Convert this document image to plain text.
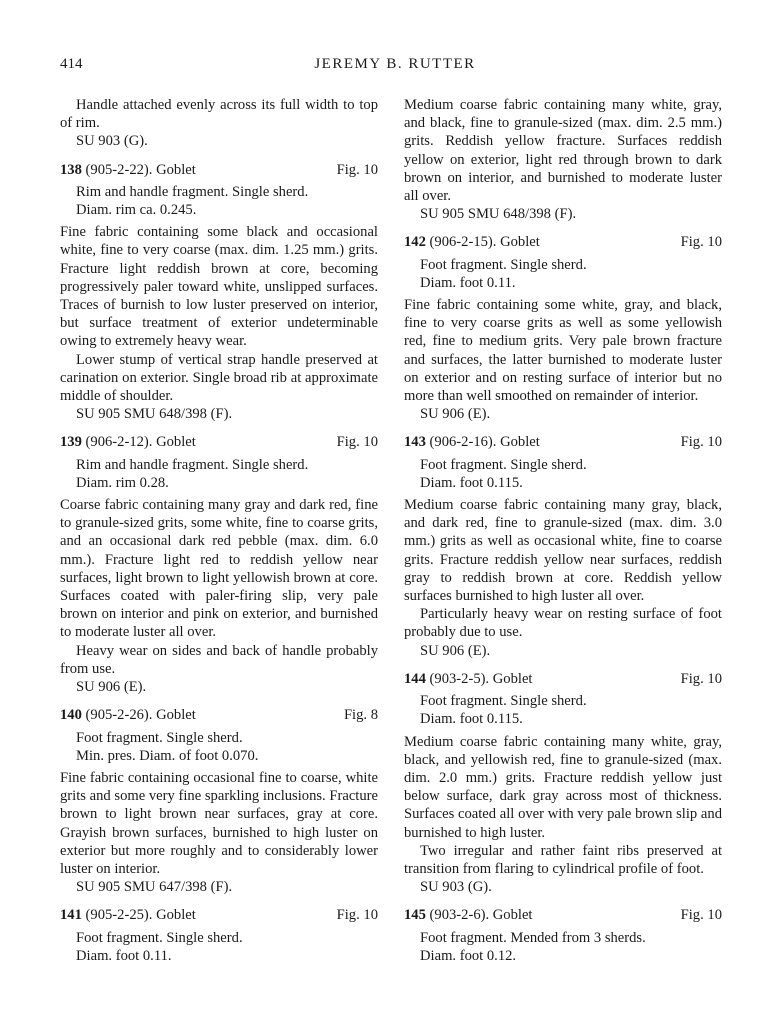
414	JEREMY B. RUTTER

Handle attached evenly across its full width to top of rim.

SU 903 (G).

138 (905-2-22). Goblet	Fig. 10

Rim and handle fragment. Single sherd.

Diam. rim ca. 0.245.

Fine fabric containing some black and occasional white, fine to very coarse (max. dim. 1.25 mm.) grits. Fracture light reddish brown at core, becoming progressively paler toward white, unslipped surfaces. Traces of burnish to low luster preserved on interior, but surface treatment of exterior undeterminable owing to extremely heavy wear.

Lower stump of vertical strap handle preserved at carination on exterior. Single broad rib at approximate middle of shoulder.

SU 905 SMU 648/398 (F).

139 (906-2-12). Goblet	Fig. 10

Rim and handle fragment. Single sherd.

Diam. rim 0.28.

Coarse fabric containing many gray and dark red, fine to granule-sized grits, some white, fine to coarse grits, and an occasional dark red pebble (max. dim. 6.0 mm.). Fracture light red to reddish yellow near surfaces, light brown to light yellowish brown at core. Surfaces coated with paler-firing slip, very pale brown on interior and pink on exterior, and burnished to moderate luster all over.

Heavy wear on sides and back of handle probably from use.

SU 906 (E).

140 (905-2-26). Goblet	Fig. 8

Foot fragment. Single sherd.

Min. pres. Diam. of foot 0.070.

Fine fabric containing occasional fine to coarse, white grits and some very fine sparkling inclusions. Fracture brown to light brown near surfaces, gray at core. Grayish brown surfaces, burnished to high luster on exterior but more roughly and to considerably lower luster on interior.

SU 905 SMU 647/398 (F).

141 (905-2-25). Goblet	Fig. 10

Foot fragment. Single sherd.

Diam. foot 0.11.

Medium coarse fabric containing many white, gray, and black, fine to granule-sized (max. dim. 2.5 mm.) grits. Reddish yellow fracture. Surfaces reddish yellow on exterior, light red through brown to dark brown on interior, and burnished to moderate luster all over.

SU 905 SMU 648/398 (F).

142 (906-2-15). Goblet	Fig. 10

Foot fragment. Single sherd.

Diam. foot 0.11.

Fine fabric containing some white, gray, and black, fine to very coarse grits as well as some yellowish red, fine to medium grits. Very pale brown fracture and surfaces, the latter burnished to moderate luster on exterior and on resting surface of interior but no more than well smoothed on remainder of interior.

SU 906 (E).

143 (906-2-16). Goblet	Fig. 10

Foot fragment. Single sherd.

Diam. foot 0.115.

Medium coarse fabric containing many gray, black, and dark red, fine to granule-sized (max. dim. 3.0 mm.) grits as well as occasional white, fine to coarse grits. Fracture reddish yellow near surfaces, reddish gray to reddish brown at core. Reddish yellow surfaces burnished to high luster all over.

Particularly heavy wear on resting surface of foot probably due to use.

SU 906 (E).

144 (903-2-5). Goblet	Fig. 10

Foot fragment. Single sherd.

Diam. foot 0.115.

Medium coarse fabric containing many white, gray, black, and yellowish red, fine to granule-sized (max. dim. 2.0 mm.) grits. Fracture reddish yellow just below surface, dark gray across most of thickness. Surfaces coated all over with very pale brown slip and burnished to high luster.

Two irregular and rather faint ribs preserved at transition from flaring to cylindrical profile of foot.

SU 903 (G).

145 (903-2-6). Goblet	Fig. 10

Foot fragment. Mended from 3 sherds.

Diam. foot 0.12.
